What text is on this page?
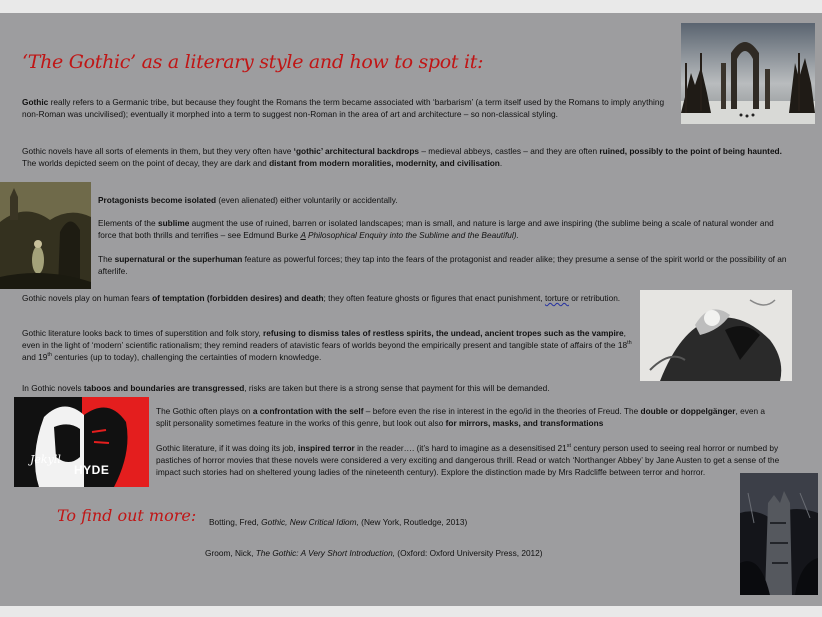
‘The Gothic’ as a literary style and how to spot it:
Gothic really refers to a Germanic tribe, but because they fought the Romans the term became associated with ‘barbarism’ (a term itself used by the Romans to imply anything non-Roman was uncivilised); eventually it morphed into a term to suggest non-Roman in the area of art and architecture – so non-classical styling.
Gothic novels have all sorts of elements in them, but they very often have ‘gothic’ architectural backdrops – medieval abbeys, castles – and they are often ruined, possibly to the point of being haunted. The worlds depicted seem on the point of decay, they are dark and distant from modern moralities, modernity, and civilisation.
Protagonists become isolated (even alienated) either voluntarily or accidentally.
Elements of the sublime augment the use of ruined, barren or isolated landscapes; man is small, and nature is large and awe inspiring (the sublime being a scale of natural wonder and force that both thrills and terrifies – see Edmund Burke A Philosophical Enquiry into the Sublime and the Beautiful).
The supernatural or the superhuman feature as powerful forces; they tap into the fears of the protagonist and reader alike; they presume a sense of the spirit world or the possibility of an afterlife.
Gothic novels play on human fears of temptation (forbidden desires) and death; they often feature ghosts or figures that enact punishment, torture or retribution.
Gothic literature looks back to times of superstition and folk story, refusing to dismiss tales of restless spirits, the undead, ancient tropes such as the vampire, even in the light of ‘modern’ scientific rationalism; they remind readers of atavistic fears of worlds beyond the empirically present and tangible state of affairs of the 18th and 19th centuries (up to today), challenging the certainties of modern knowledge.
In Gothic novels taboos and boundaries are transgressed, risks are taken but there is a strong sense that payment for this will be demanded.
Jekyll
HYDE
The Gothic often plays on a confrontation with the self – before even the rise in interest in the ego/id in the theories of Freud. The double or doppelgänger, even a split personality sometimes feature in the works of this genre, but look out also for mirrors, masks, and transformations
Gothic literature, if it was doing its job, inspired terror in the reader…. (it’s hard to imagine as a desensitised 21st century person used to seeing real horror or numbed by pastiches of horror movies that these novels were considered a very exciting and dangerous thrill. Read or watch ‘Northanger Abbey’ by Jane Austen to get a sense of the impact such stories had on sheltered young ladies of the nineteenth century). Explore the distinction made by Mrs Radcliffe between terror and horror.
To find out more: Botting, Fred, Gothic, New Critical Idiom, (New York, Routledge, 2013)
Groom, Nick, The Gothic: A Very Short Introduction, (Oxford: Oxford University Press, 2012)
